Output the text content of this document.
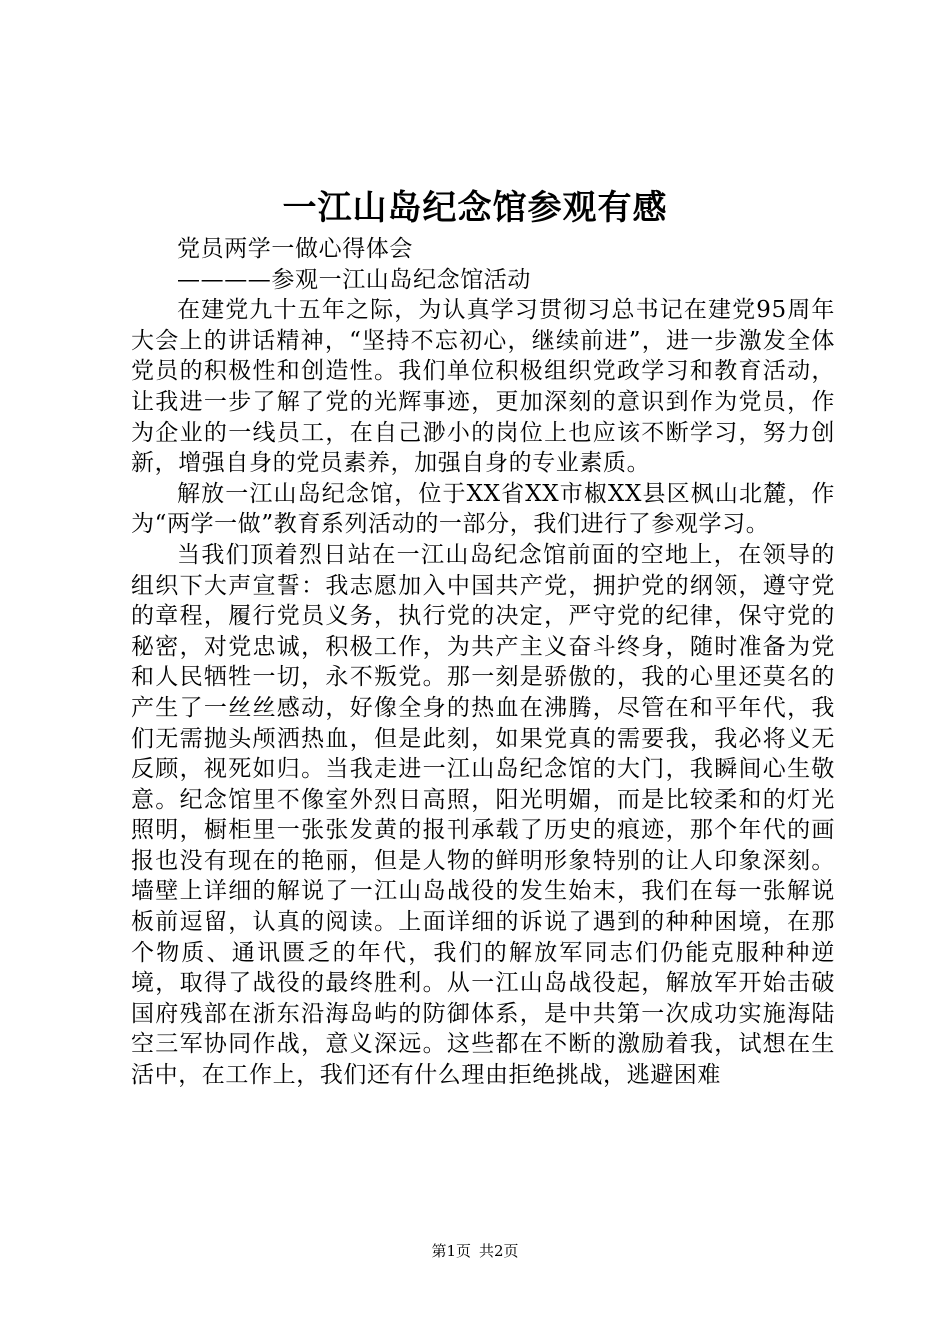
一江山岛纪念馆参观有感

党员两学一做心得体会

————参观一江山岛纪念馆活动

在建党九十五年之际，为认真学习贯彻习总书记在建党95周年大会上的讲话精神，“坚持不忘初心，继续前进”，进一步激发全体党员的积极性和创造性。我们单位积极组织党政学习和教育活动，让我进一步了解了党的光辉事迹，更加深刻的意识到作为党员，作为企业的一线员工，在自己渺小的岗位上也应该不断学习，努力创新，增强自身的党员素养，加强自身的专业素质。

解放一江山岛纪念馆，位于XX省XX市椒XX县区枫山北麓，作为“两学一做”教育系列活动的一部分，我们进行了参观学习。

当我们顶着烈日站在一江山岛纪念馆前面的空地上，在领导的组织下大声宣誓：我志愿加入中国共产党，拥护党的纲领，遵守党的章程，履行党员义务，执行党的决定，严守党的纪律，保守党的秘密，对党忠诚，积极工作，为共产主义奋斗终身，随时准备为党和人民牺牲一切，永不叛党。那一刻是骄傲的，我的心里还莫名的产生了一丝丝感动，好像全身的热血在沸腾，尽管在和平年代，我们无需抛头颅洒热血，但是此刻，如果党真的需要我，我必将义无反顾，视死如归。当我走进一江山岛纪念馆的大门，我瞬间心生敬意。纪念馆里不像室外烈日高照，阳光明媚，而是比较柔和的灯光照明，橱柜里一张张发黄的报刊承载了历史的痕迹，那个年代的画报也没有现在的艳丽，但是人物的鲜明形象特别的让人印象深刻。墙壁上详细的解说了一江山岛战役的发生始末，我们在每一张解说板前逗留，认真的阅读。上面详细的诉说了遇到的种种困境，在那个物质、通讯匮乏的年代，我们的解放军同志们仍能克服种种逆境，取得了战役的最终胜利。从一江山岛战役起，解放军开始击破国府残部在浙东沿海岛屿的防御体系，是中共第一次成功实施海陆空三军协同作战，意义深远。这些都在不断的激励着我，试想在生活中，在工作上，我们还有什么理由拒绝挑战，逃避困难

第1页 共2页
